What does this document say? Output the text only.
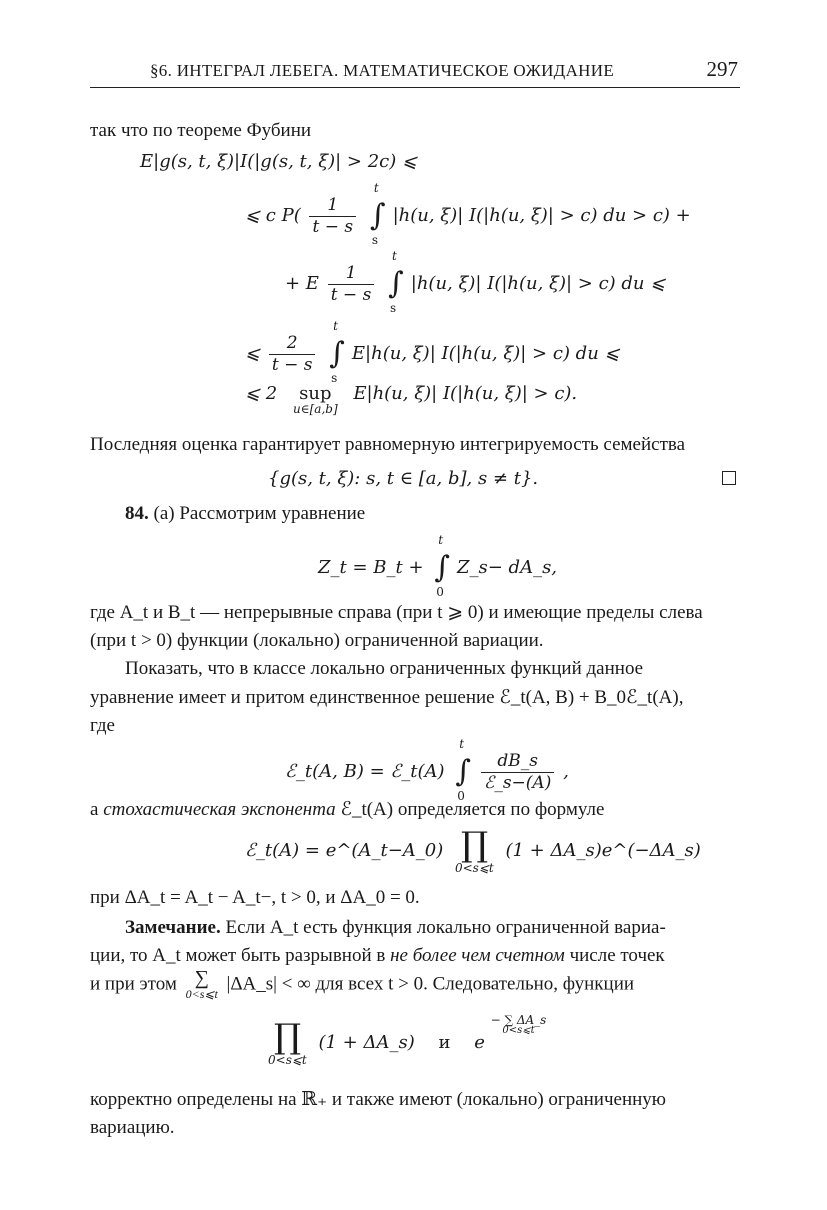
§6. ИНТЕГРАЛ ЛЕБЕГА. МАТЕМАТИЧЕСКОЕ ОЖИДАНИЕ	297
так что по теореме Фубини
E|g(s, t, ξ)|I(|g(s, t, ξ)| > 2c) ⩽
⩽ c $P( \frac{1}{t - s}$

t
∫
s
|h(u, ξ)| I(|h(u, ξ)| > c) du > c) +
+ E $\frac{1}{t - s}$

t
∫
s
|h(u, ξ)| I(|h(u, ξ)| > c) du ⩽
⩽ $\frac{2}{t - s}$

t
∫
s
E|h(u, ξ)| I(|h(u, ξ)| > c) du ⩽
⩽ 2	sup
u∈[a,b]
E|h(u, ξ)| I(|h(u, ξ)| > c).
Последняя оценка гарантирует равномерную интегрируемость семейства
{g(s, t, ξ): s, t ∈ [a, b], s ≠ t}.
84. (a) Рассмотрим уравнение
Z_t = B_t +
t
∫
0
Z_s− dA_s,
где A_t и B_t — непрерывные справа (при t ⩾ 0) и имеющие пределы слева
(при t > 0) функции (локально) ограниченной вариации.
Показать, что в классе локально ограниченных функций данное
уравнение имеет и притом единственное решение ℰ_t(A, B) + B_0ℰ_t(A),
где
ℰ_t(A, B) = ℰ_t(A)
t
∫
0

$\frac{dB\_s}{\text{ℰ\_s−(A)}}$ ,
а стохастическая экспонента ℰ_t(A) определяется по формуле
ℰ_t(A) = e^(A_t−A_0) ∏
0<s⩽t
(1 + ΔA_s)e^(−ΔA_s)
при ΔA_t = A_t − A_t−, t > 0, и ΔA_0 = 0.
Замечание. Если A_t есть функция локально ограниченной вариа-
ции, то A_t может быть разрывной в не более чем счетном числе точек
и при этом ∑
0<s⩽t |ΔA_s| < ∞ для всех t > 0. Следовательно, функции
∏
0<s⩽t
(1 + ΔA_s) и e
− ∑ ΔA_s
0<s⩽t
корректно определены на ℝ₊ и также имеют (локально) ограниченную
вариацию.
